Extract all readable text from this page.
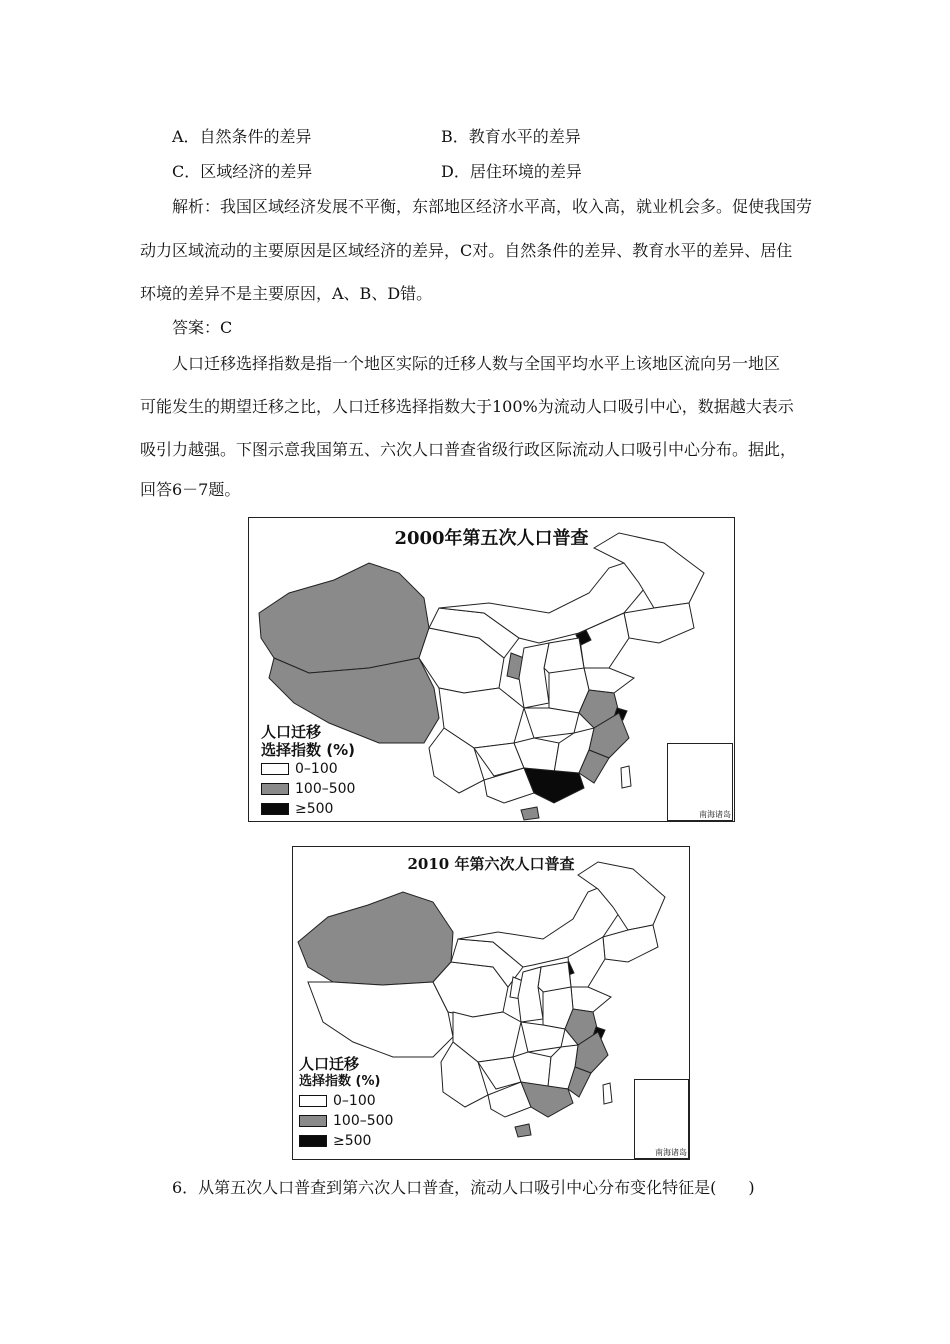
A．自然条件的差异	B．教育水平的差异
C．区域经济的差异	D．居住环境的差异
解析：我国区域经济发展不平衡，东部地区经济水平高，收入高，就业机会多。促使我国劳
动力区域流动的主要原因是区域经济的差异，C对。自然条件的差异、教育水平的差异、居住
环境的差异不是主要原因，A、B、D错。
答案：C
人口迁移选择指数是指一个地区实际的迁移人数与全国平均水平上该地区流向另一地区
可能发生的期望迁移之比，人口迁移选择指数大于100%为流动人口吸引中心，数据越大表示
吸引力越强。下图示意我国第五、六次人口普查省级行政区际流动人口吸引中心分布。据此，
回答6－7题。
2000年第五次人口普查
人口迁移
选择指数 (%)
0–100
100–500
≥500	南海诸岛
2010 年第六次人口普查
人口迁移
选择指数 (%)
0–100
100–500
≥500
南海诸岛
6．从第五次人口普查到第六次人口普查，流动人口吸引中心分布变化特征是(　　)
